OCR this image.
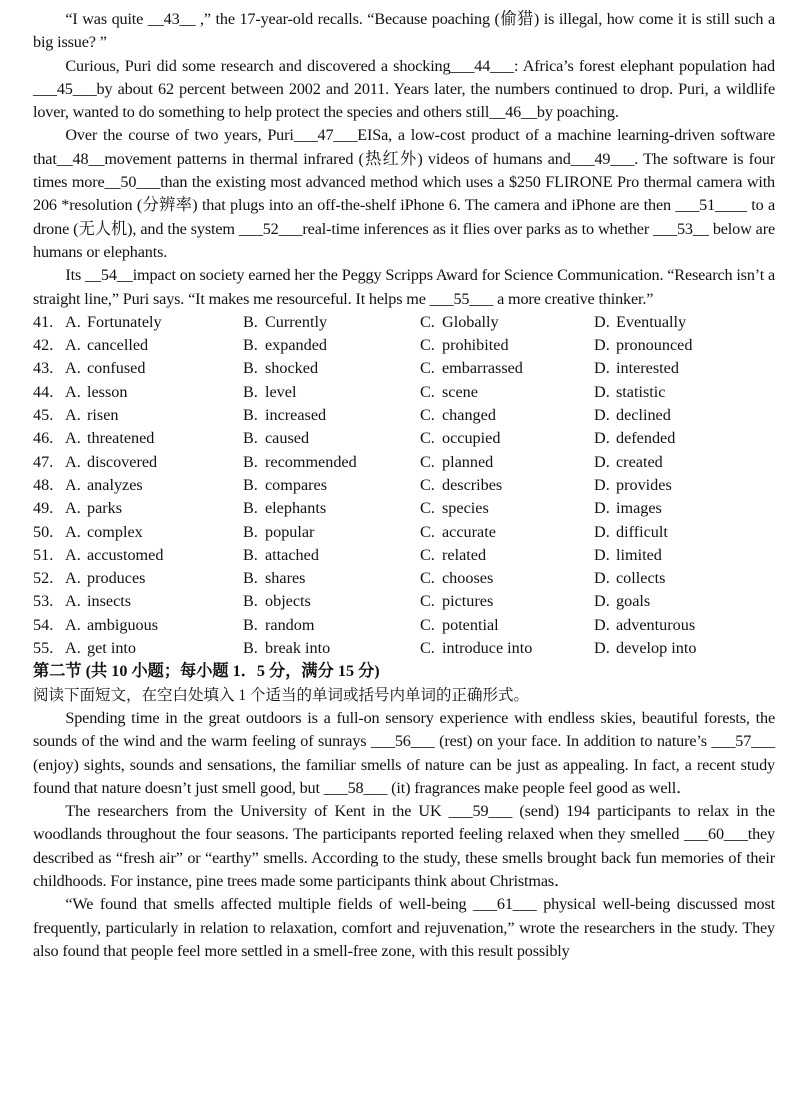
“I was quite __43__ ,” the 17-year-old recalls. “Because poaching (偷猎) is illegal, how come it is still such a big issue? ”

Curious, Puri did some research and discovered a shocking___44___: Africa’s forest elephant population had ___45___by about 62 percent between 2002 and 2011. Years later, the numbers continued to drop. Puri, a wildlife lover, wanted to do something to help protect the species and others still__46__by poaching.

Over the course of two years, Puri___47___EISa, a low-cost product of a machine learning-driven software that__48__movement patterns in thermal infrared (热红外) videos of humans and___49___. The software is four times more__50___than the existing most advanced method which uses a $250 FLIRONE Pro thermal camera with 206 *resolution (分辨率) that plugs into an off-the-shelf iPhone 6. The camera and iPhone are then ___51____ to a drone (无人机), and the system ___52___real-time inferences as it flies over parks as to whether ___53__ below are humans or elephants.

Its __54__impact on society earned her the Peggy Scripps Award for Science Communication. “Research isn’t a straight line,” Puri says. “It makes me resourceful. It helps me ___55___ a more creative thinker.”

41. A. Fortunately	B. Currently	C. Globally	D. Eventually
42. A. cancelled	B. expanded	C. prohibited	D. pronounced
43. A. confused	B. shocked	C. embarrassed	D. interested
44. A. lesson	B. level	C. scene	D. statistic
45. A. risen	B. increased	C. changed	D. declined
46. A. threatened	B. caused	C. occupied	D. defended
47. A. discovered	B. recommended	C. planned	D. created
48. A. analyzes	B. compares	C. describes	D. provides
49. A. parks	B. elephants	C. species	D. images
50. A. complex	B. popular	C. accurate	D. difficult
51. A. accustomed	B. attached	C. related	D. limited
52. A. produces	B. shares	C. chooses	D. collects
53. A. insects	B. objects	C. pictures	D. goals
54. A. ambiguous	B. random	C. potential	D. adventurous
55. A. get into	B. break into	C. introduce into	D. develop into

第二节 (共 10 小题；每小题 1．5 分，满分 15 分)

阅读下面短文，在空白处填入 1 个适当的单词或括号内单词的正确形式。

Spending time in the great outdoors is a full-on sensory experience with endless skies, beautiful forests, the sounds of the wind and the warm feeling of sunrays ___56___ (rest) on your face. In addition to nature’s ___57___ (enjoy) sights, sounds and sensations, the familiar smells of nature can be just as appealing. In fact, a recent study found that nature doesn’t just smell good, but ___58___ (it) fragrances make people feel good as well．

The researchers from the University of Kent in the UK ___59___ (send) 194 participants to relax in the woodlands throughout the four seasons. The participants reported feeling relaxed when they smelled ___60___they described as “fresh air” or “earthy” smells. According to the study, these smells brought back fun memories of their childhoods. For instance, pine trees made some participants think about Christmas．

“We found that smells affected multiple fields of well-being ___61___ physical well-being discussed most frequently, particularly in relation to relaxation, comfort and rejuvenation,” wrote the researchers in the study. They also found that people feel more settled in a smell-free zone, with this result possibly
